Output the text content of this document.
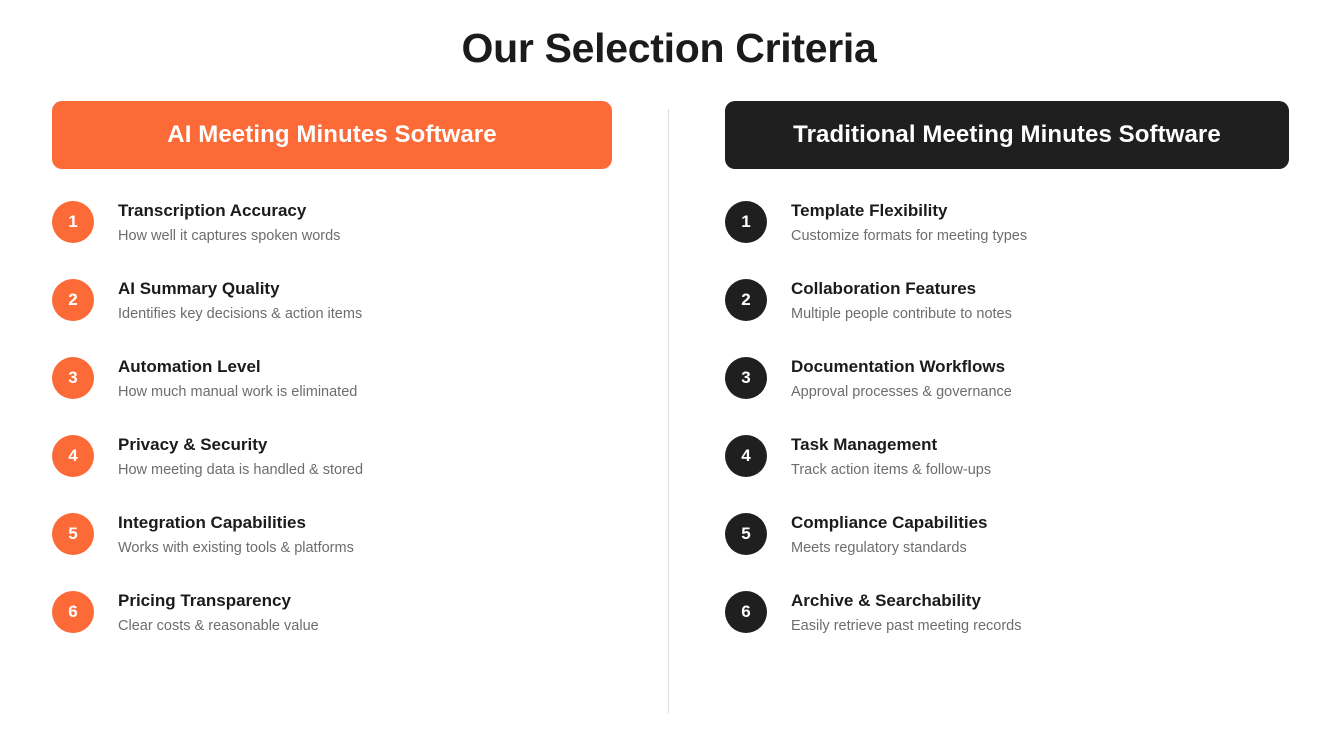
Our Selection Criteria
AI Meeting Minutes Software
1
Transcription Accuracy
How well it captures spoken words
2
AI Summary Quality
Identifies key decisions & action items
3
Automation Level
How much manual work is eliminated
4
Privacy & Security
How meeting data is handled & stored
5
Integration Capabilities
Works with existing tools & platforms
6
Pricing Transparency
Clear costs & reasonable value
Traditional Meeting Minutes Software
1
Template Flexibility
Customize formats for meeting types
2
Collaboration Features
Multiple people contribute to notes
3
Documentation Workflows
Approval processes & governance
4
Task Management
Track action items & follow-ups
5
Compliance Capabilities
Meets regulatory standards
6
Archive & Searchability
Easily retrieve past meeting records
